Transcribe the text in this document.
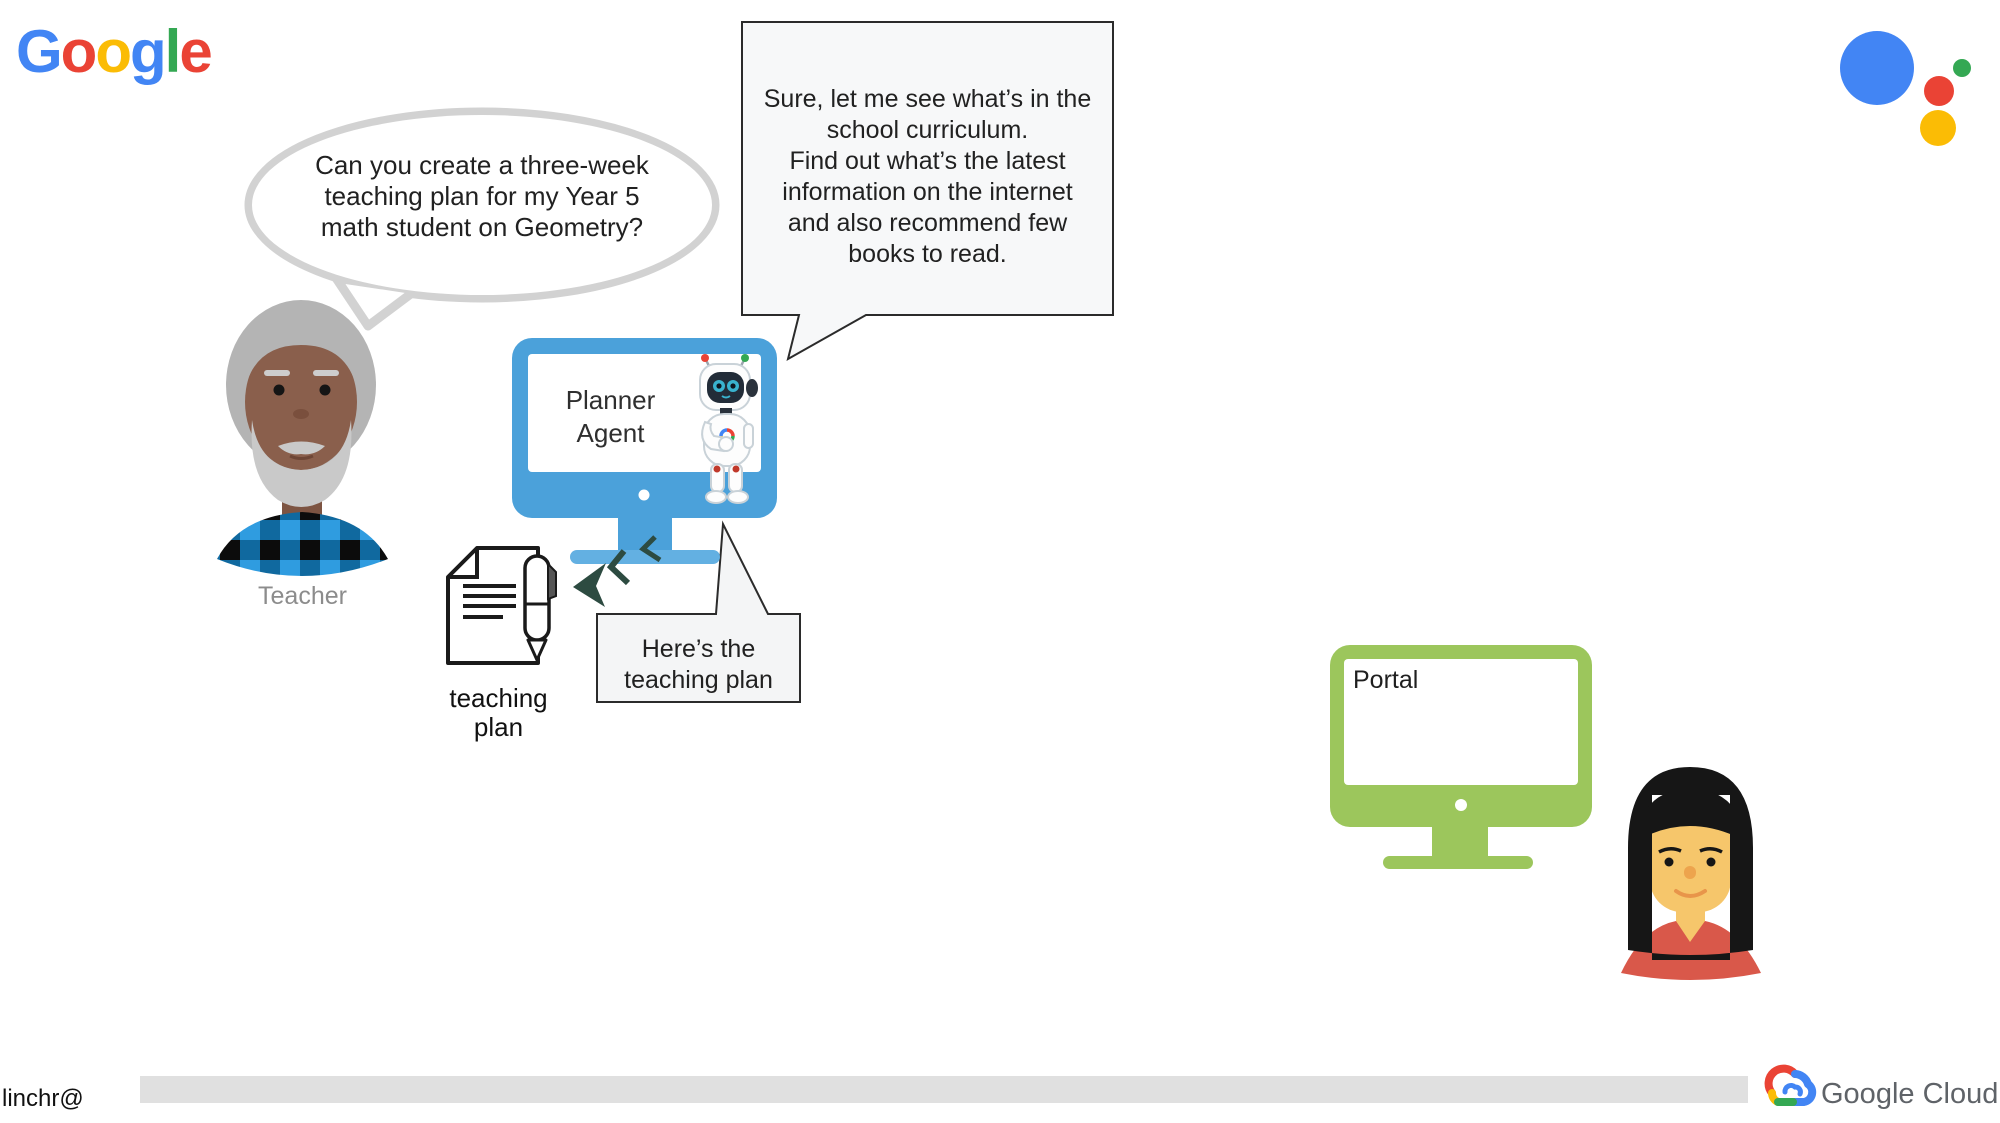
Google
Can you create a three-week
teaching plan for my Year 5
math student on Geometry?
Sure, let me see what’s in the
school curriculum.
Find out what’s the latest
information on the internet
and also recommend few
books to read.
Planner
Agent
Here’s the
teaching plan
teaching
plan
Teacher
Portal
linchr@	Google Cloud
